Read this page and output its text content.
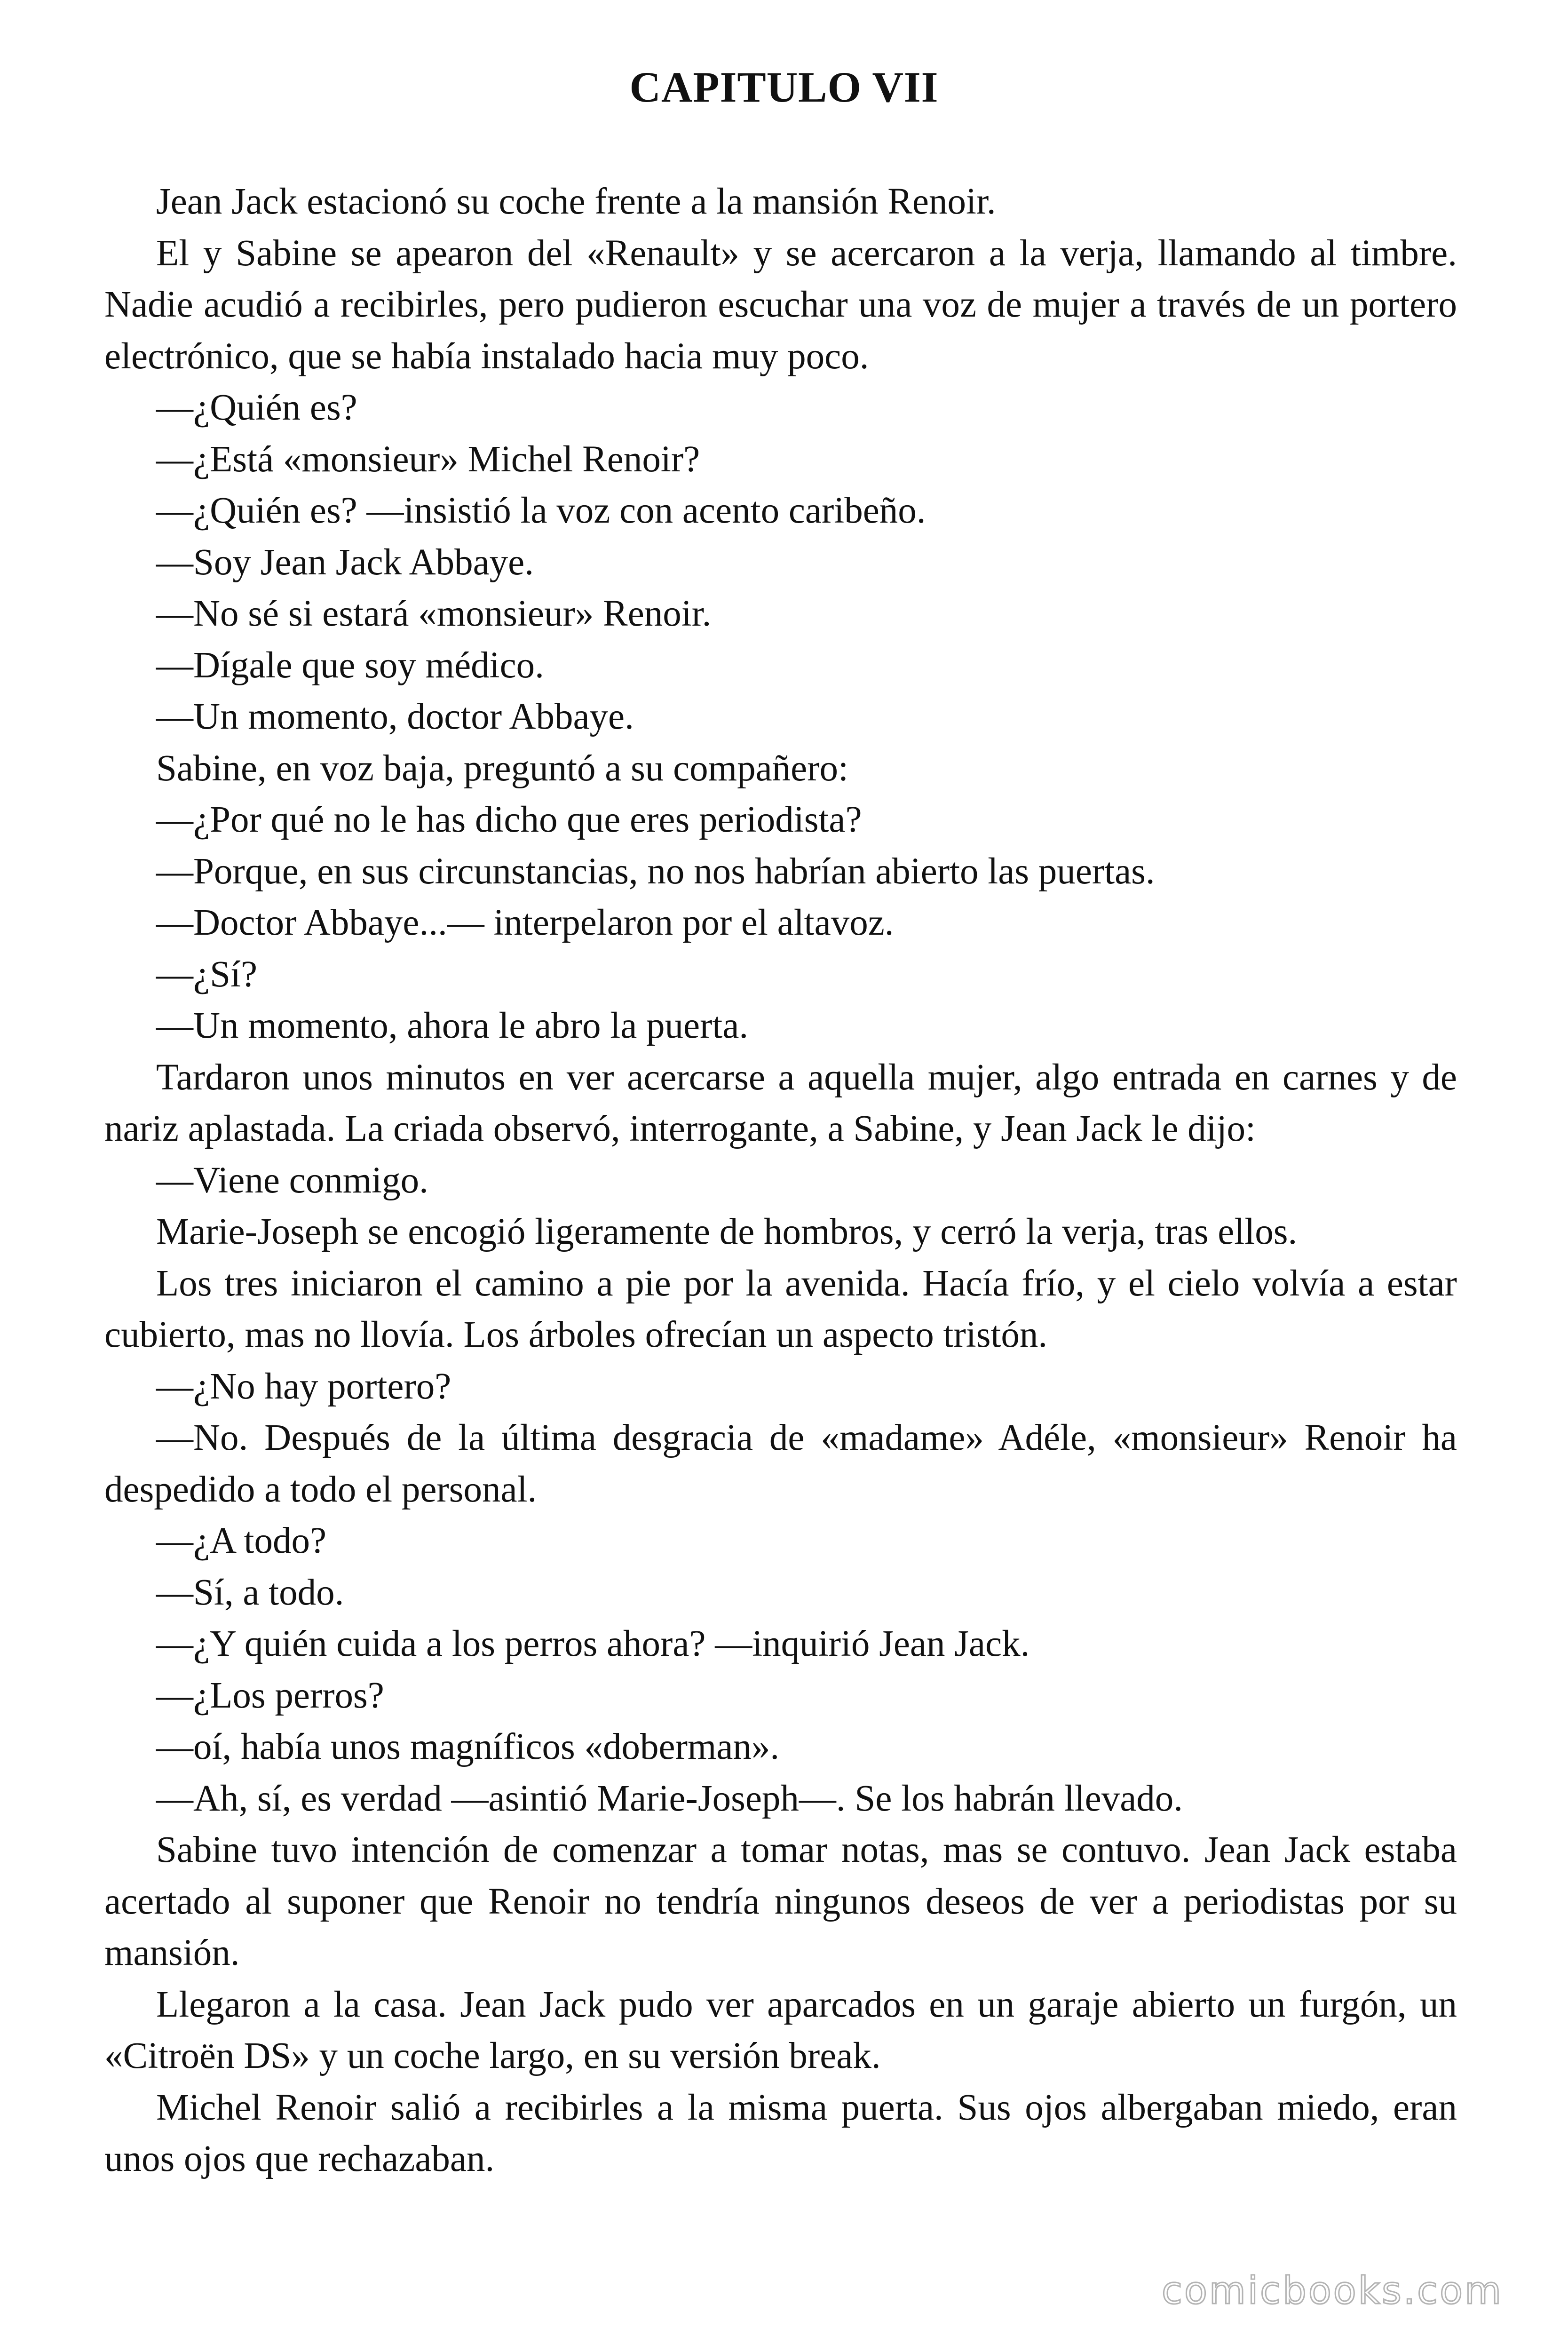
CAPITULO VII

Jean Jack estacionó su coche frente a la mansión Renoir.

El y Sabine se apearon del «Renault» y se acercaron a la verja, llamando al timbre. Nadie acudió a recibirles, pero pudieron escuchar una voz de mujer a través de un portero electrónico, que se había instalado hacia muy poco.

—¿Quién es?

—¿Está «monsieur» Michel Renoir?

—¿Quién es? —insistió la voz con acento caribeño.

—Soy Jean Jack Abbaye.

—No sé si estará «monsieur» Renoir.

—Dígale que soy médico.

—Un momento, doctor Abbaye.

Sabine, en voz baja, preguntó a su compañero:

—¿Por qué no le has dicho que eres periodista?

—Porque, en sus circunstancias, no nos habrían abierto las puertas.

—Doctor Abbaye...— interpelaron por el altavoz.

—¿Sí?

—Un momento, ahora le abro la puerta.

Tardaron unos minutos en ver acercarse a aquella mujer, algo entrada en carnes y de nariz aplastada. La criada observó, interrogante, a Sabine, y Jean Jack le dijo:

—Viene conmigo.

Marie-Joseph se encogió ligeramente de hombros, y cerró la verja, tras ellos.

Los tres iniciaron el camino a pie por la avenida. Hacía frío, y el cielo volvía a estar cubierto, mas no llovía. Los árboles ofrecían un aspecto tristón.

—¿No hay portero?

—No. Después de la última desgracia de «madame» Adéle, «monsieur» Renoir ha despedido a todo el personal.

—¿A todo?

—Sí, a todo.

—¿Y quién cuida a los perros ahora? —inquirió Jean Jack.

—¿Los perros?

—oí, había unos magníficos «doberman».

—Ah, sí, es verdad —asintió Marie-Joseph—. Se los habrán llevado.

Sabine tuvo intención de comenzar a tomar notas, mas se contuvo. Jean Jack estaba acertado al suponer que Renoir no tendría ningunos deseos de ver a periodistas por su mansión.

Llegaron a la casa. Jean Jack pudo ver aparcados en un garaje abierto un furgón, un «Citroën DS» y un coche largo, en su versión break.

Michel Renoir salió a recibirles a la misma puerta. Sus ojos albergaban miedo, eran unos ojos que rechazaban.

comicbooks.com
